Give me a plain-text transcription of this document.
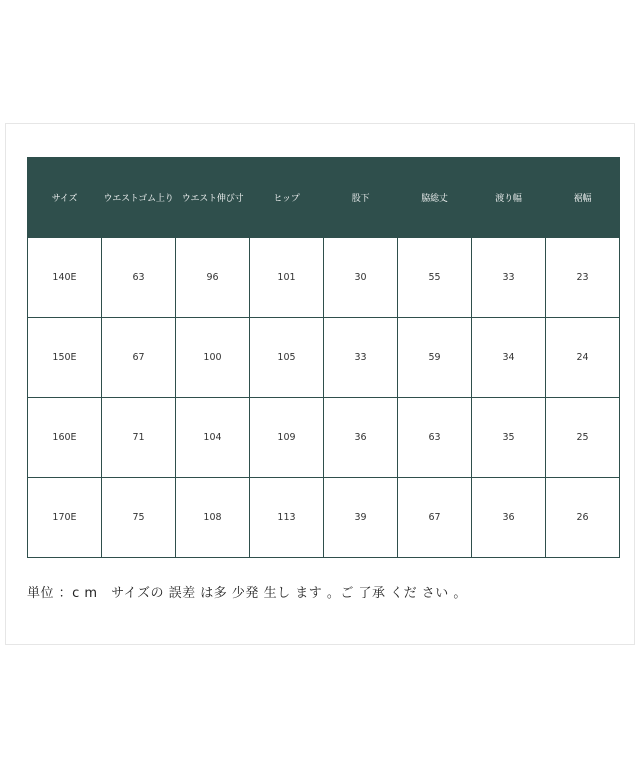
サイズ	ウエストゴム上り	ウエスト伸び寸	ヒップ	股下	脇総丈	渡り幅	裾幅
140E	63	96	101	30	55	33	23
150E	67	100	105	33	59	34	24
160E	71	104	109	36	63	35	25
170E	75	108	113	39	67	36	26
単位 ：c m　サイズの 誤差 は多 少発 生し ます 。ご 了承 くだ さい 。
